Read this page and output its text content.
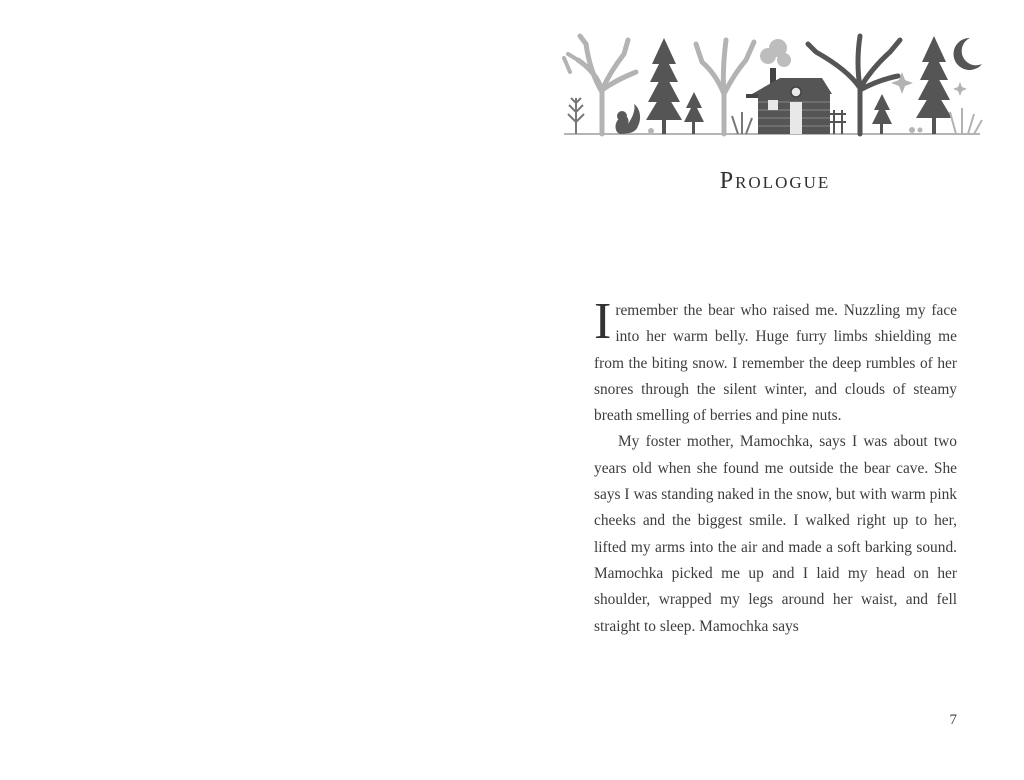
Prologue

Iremember the bear who raised me. Nuzzling my face into her warm belly. Huge furry limbs shielding me from the biting snow. I remember the deep rumbles of her snores through the silent winter, and clouds of steamy breath smelling of berries and pine nuts.

My foster mother, Mamochka, says I was about two years old when she found me outside the bear cave. She says I was standing naked in the snow, but with warm pink cheeks and the biggest smile. I walked right up to her, lifted my arms into the air and made a soft barking sound. Mamochka picked me up and I laid my head on her shoulder, wrapped my legs around her waist, and fell straight to sleep. Mamochka says

7
